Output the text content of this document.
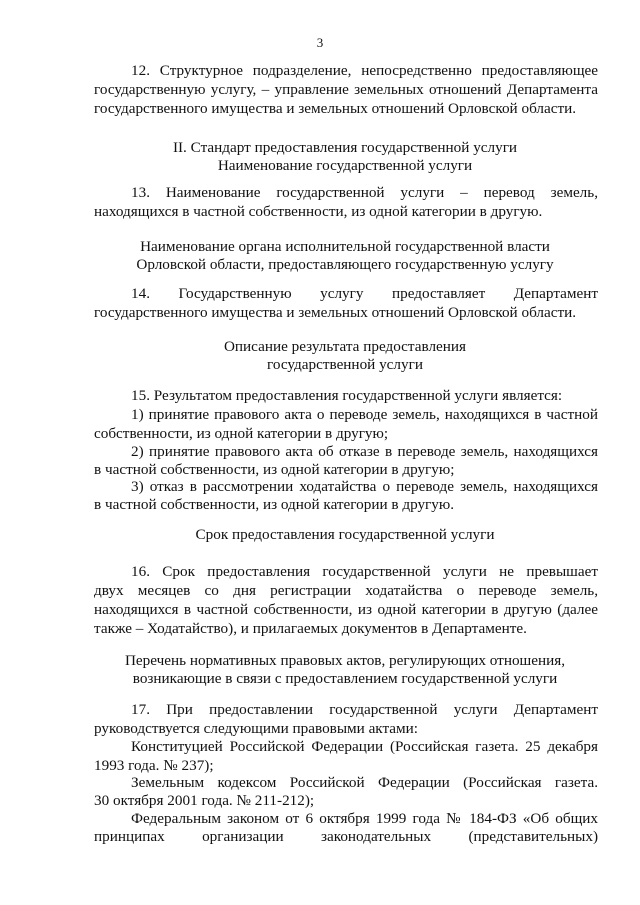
3
12. Структурное подразделение, непосредственно предоставляющее
государственную услугу, – управление земельных отношений Департамента
государственного имущества и земельных отношений Орловской области.
II. Стандарт предоставления государственной услуги
Наименование государственной услуги
13. Наименование государственной услуги – перевод земель,
находящихся в частной собственности, из одной категории в другую.
Наименование органа исполнительной государственной власти
Орловской области, предоставляющего государственную услугу
14. Государственную услугу предоставляет Департамент
государственного имущества и земельных отношений Орловской области.
Описание результата предоставления
государственной услуги
15. Результатом предоставления государственной услуги является:
1) принятие правового акта о переводе земель, находящихся в частной
собственности, из одной категории в другую;
2) принятие правового акта об отказе в переводе земель, находящихся
в частной собственности, из одной категории в другую;
3) отказ в рассмотрении ходатайства о переводе земель, находящихся
в частной собственности, из одной категории в другую.
Срок предоставления государственной услуги
16. Срок предоставления государственной услуги не превышает
двух месяцев со дня регистрации ходатайства о переводе земель,
находящихся в частной собственности, из одной категории в другую (далее
также – Ходатайство), и прилагаемых документов в Департаменте.
Перечень нормативных правовых актов, регулирующих отношения,
возникающие в связи с предоставлением государственной услуги
17. При предоставлении государственной услуги Департамент
руководствуется следующими правовыми актами:
Конституцией Российской Федерации (Российская газета. 25 декабря
1993 года. № 237);
Земельным кодексом Российской Федерации (Российская газета.
30 октября 2001 года. № 211-212);
Федеральным законом от 6 октября 1999 года № 184-ФЗ «Об общих
принципах организации законодательных (представительных)
